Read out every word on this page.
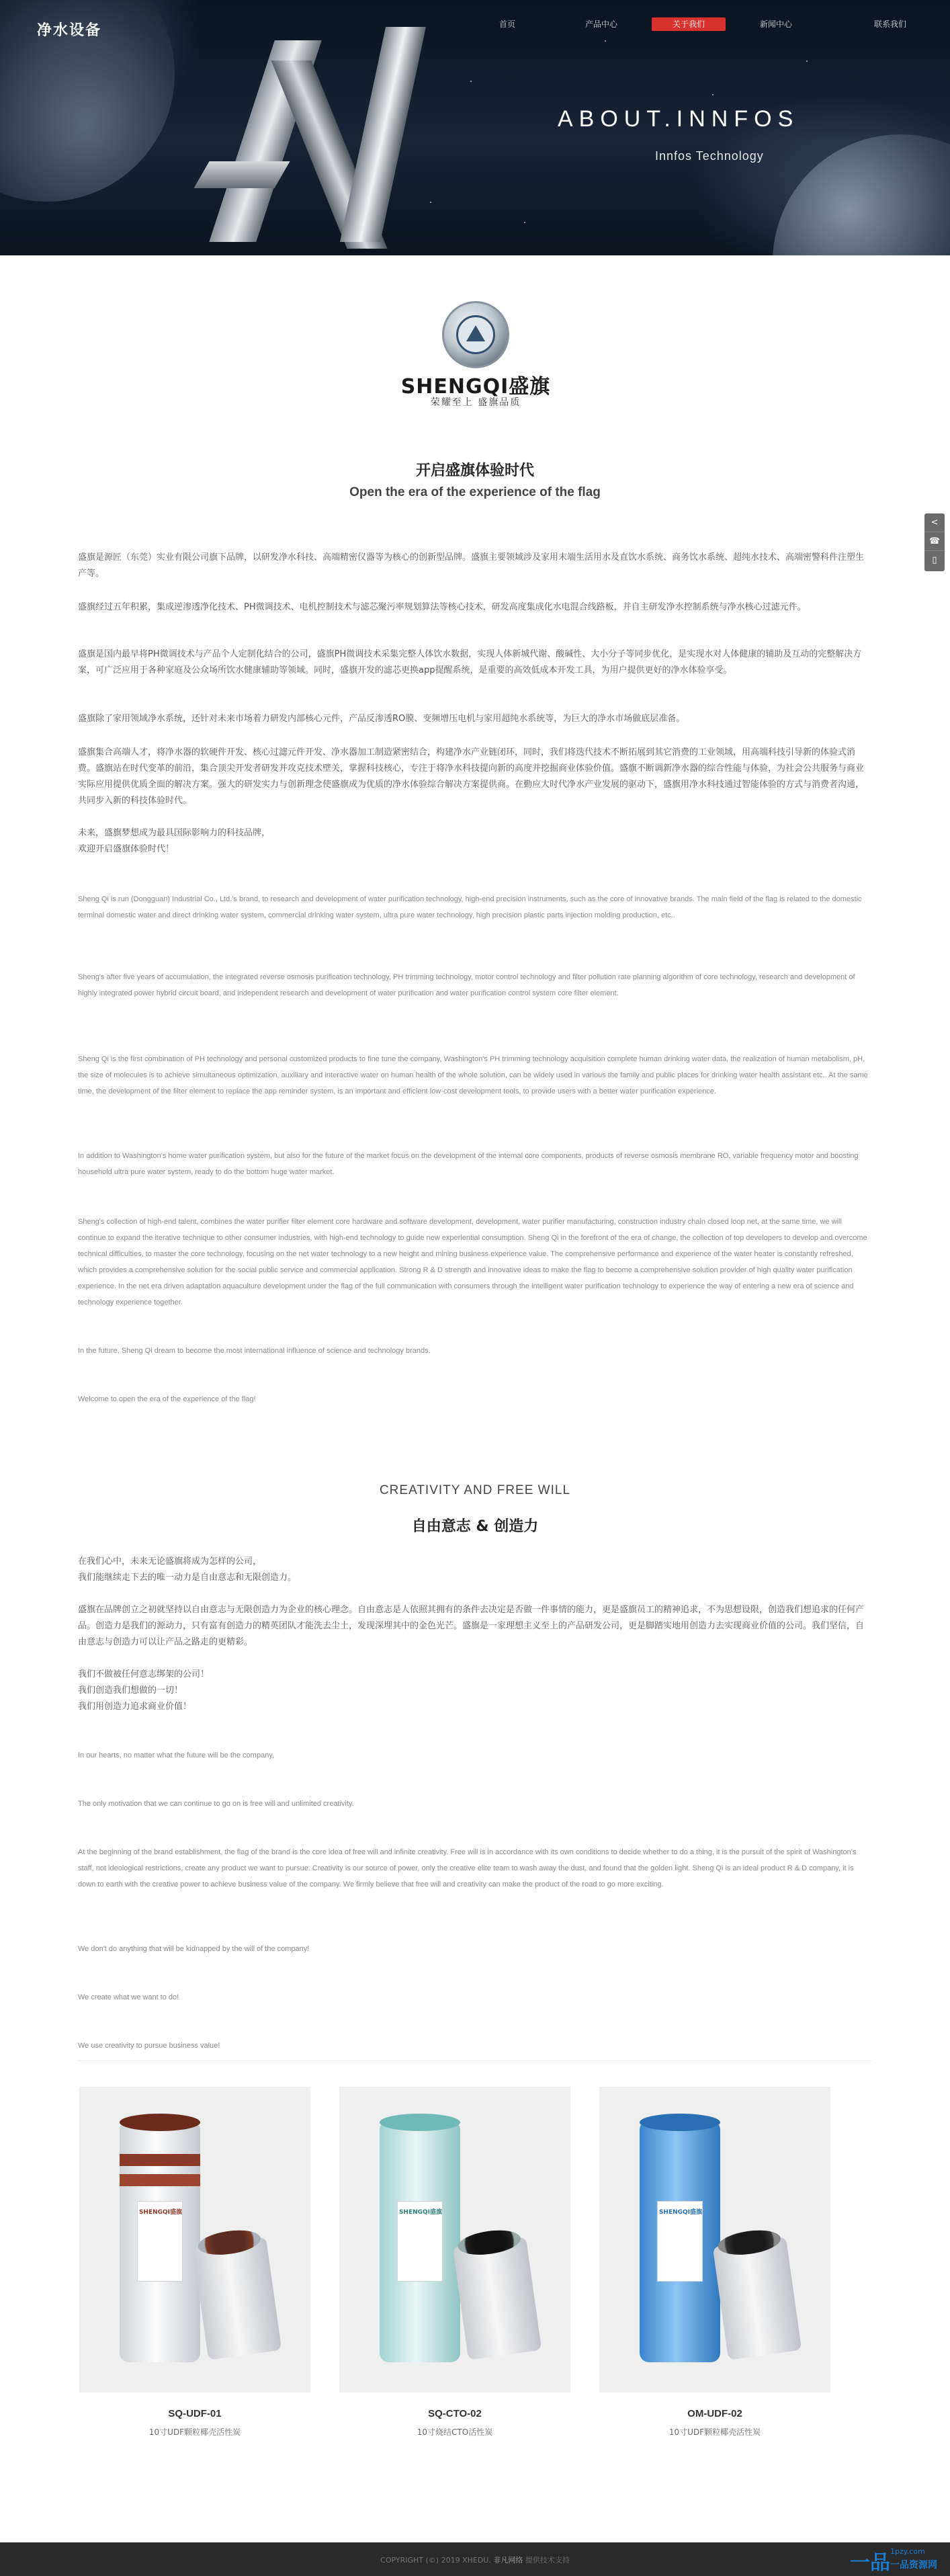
净水设备	首页	产品中心	关于我们	新闻中心	联系我们
ABOUT.INNFOS
Innfos Technology
SHENGQI盛旗
荣耀至上 盛旗品质
开启盛旗体验时代
Open the era of the experience of the flag
盛旗是源匠（东莞）实业有限公司旗下品牌，以研发净水科技、高端精密仪器等为核心的创新型品牌。盛旗主要领域涉及家用末端生活用水及直饮水系统、商务饮水系统、超纯水技术、高端密警科件注塑生产等。
盛旗经过五年积累，集成逆渗透净化技术、PH微调技术、电机控制技术与滤芯聚污率规划算法等核心技术，研发高度集成化水电混合线路板，并自主研发净水控制系统与净水核心过滤元件。
盛旗是国内最早将PH微调技术与产品个人定制化结合的公司，盛旗PH微调技术采集完整人体饮水数据，实现人体新城代谢、酸碱性、大小分子等同步优化，是实现水对人体健康的辅助及互动的完整解决方案，可广泛应用于各种家庭及公众场所饮水健康辅助等领域。同时，盛旗开发的滤芯更换app提醒系统，是重要的高效低成本开发工具，为用户提供更好的净水体验享受。
盛旗除了家用领域净水系统，还针对未来市场着力研发内部核心元件，产品反渗透RO膜、变频增压电机与家用超纯水系统等，为巨大的净水市场做底层准备。
盛旗集合高端人才，将净水器的软硬件开发、核心过滤元件开发、净水器加工制造紧密结合，构建净水产业链闭环，同时，我们将迭代技术不断拓展到其它消费的工业领域，用高端科技引导新的体验式消费。盛旗站在时代变革的前沿，集合顶尖开发者研发并攻克技术壁关，掌握科技核心，专注于将净水科技提向新的高度并挖掘商业体验价值。盛旗不断调新净水器的综合性能与体验，为社会公共服务与商业实际应用提供优质全面的解决方案。强大的研发实力与创新理念使盛旗成为优质的净水体验综合解决方案提供商。在勤应大时代净水产业发展的驱动下，盛旗用净水科技通过智能体验的方式与消费者沟通，共同步入新的科技体验时代。
未来，盛旗梦想成为最具国际影响力的科技品牌，
欢迎开启盛旗体验时代！
Sheng Qi is run (Dongguan) Industrial Co., Ltd.'s brand, to research and development of water purification technology, high-end precision instruments, such as the core of innovative brands. The main field of the flag is related to the domestic terminal domestic water and direct drinking water system, commercial drinking water system, ultra pure water technology, high precision plastic parts injection molding production, etc..
Sheng's after five years of accumulation, the integrated reverse osmosis purification technology, PH trimming technology, motor control technology and filter pollution rate planning algorithm of core technology, research and development of highly integrated power hybrid circuit board, and independent research and development of water purification and water purification control system core filter element.
Sheng Qi is the first combination of PH technology and personal customized products to fine tune the company, Washington's PH trimming technology acquisition complete human drinking water data, the realization of human metabolism, pH, the size of molecules is to achieve simultaneous optimization, auxiliary and interactive water on human health of the whole solution, can be widely used in various the family and public places for drinking water health assistant etc.. At the same time, the development of the filter element to replace the app reminder system, is an important and efficient low-cost development tools, to provide users with a better water purification experience.
In addition to Washington's home water purification system, but also for the future of the market focus on the development of the internal core components, products of reverse osmosis membrane RO, variable frequency motor and boosting household ultra pure water system, ready to do the bottom huge water market.
Sheng's collection of high-end talent, combines the water purifier filter element core hardware and software development, development, water purifier manufacturing, construction industry chain closed loop net, at the same time, we will continue to expand the iterative technique to other consumer industries, with high-end technology to guide new experiential consumption. Sheng Qi in the forefront of the era of change, the collection of top developers to develop and overcome technical difficulties, to master the core technology, focusing on the net water technology to a new height and mining business experience value. The comprehensive performance and experience of the water heater is constantly refreshed, which provides a comprehensive solution for the social public service and commercial application. Strong R & D strength and innovative ideas to make the flag to become a comprehensive solution provider of high quality water purification experience. In the net era driven adaptation aquaculture development under the flag of the full communication with consumers through the intelligent water purification technology to experience the way of entering a new era of science and technology experience together.
In the future, Sheng Qi dream to become the most international influence of science and technology brands.
Welcome to open the era of the experience of the flag!
CREATIVITY AND FREE WILL
自由意志 & 创造力
在我们心中，未来无论盛旗将成为怎样的公司，
我们能继续走下去的唯一动力是自由意志和无限创造力。
盛旗在品牌创立之初就坚持以自由意志与无限创造力为企业的核心理念。自由意志是人依照其拥有的条件去决定是否做一件事情的能力，更是盛旗员工的精神追求，不为思想设限，创造我们想追求的任何产品。创造力是我们的源动力，只有富有创造力的精英团队才能洗去尘土，发现深埋其中的金色光芒。盛旗是一家理想主义至上的产品研发公司，更是脚踏实地用创造力去实现商业价值的公司。我们坚信，自由意志与创造力可以让产品之路走的更精彩。
我们不做被任何意志绑架的公司！
我们创造我们想做的一切！
我们用创造力追求商业价值！
In our hearts, no matter what the future will be the company,
The only motivation that we can continue to go on is free will and unlimited creativity.
At the beginning of the brand establishment, the flag of the brand is the core idea of free will and infinite creativity. Free will is in accordance with its own conditions to decide whether to do a thing, it is the pursuit of the spirit of Washington's staff, not ideological restrictions, create any product we want to pursue. Creativity is our source of power, only the creative elite team to wash away the dust, and found that the golden light. Sheng Qi is an ideal product R & D company, it is down to earth with the creative power to achieve business value of the company. We firmly believe that free will and creativity can make the product of the road to go more exciting.
We don't do anything that will be kidnapped by the will of the company!
We create what we want to do!
We use creativity to pursue business value!
<
☎
▯
SHENGQI盛旗
SQ-UDF-01
10寸UDF颗粒椰壳活性炭
SHENGQI盛旗
SQ-CTO-02
10寸烧结CTO活性炭
SHENGQI盛旗
OM-UDF-02
10寸UDF颗粒椰壳活性炭
COPYRIGHT (©) 2019 XHEDU. 非凡网络 提供技术支持	一品 1pzy.com
一品资源网
